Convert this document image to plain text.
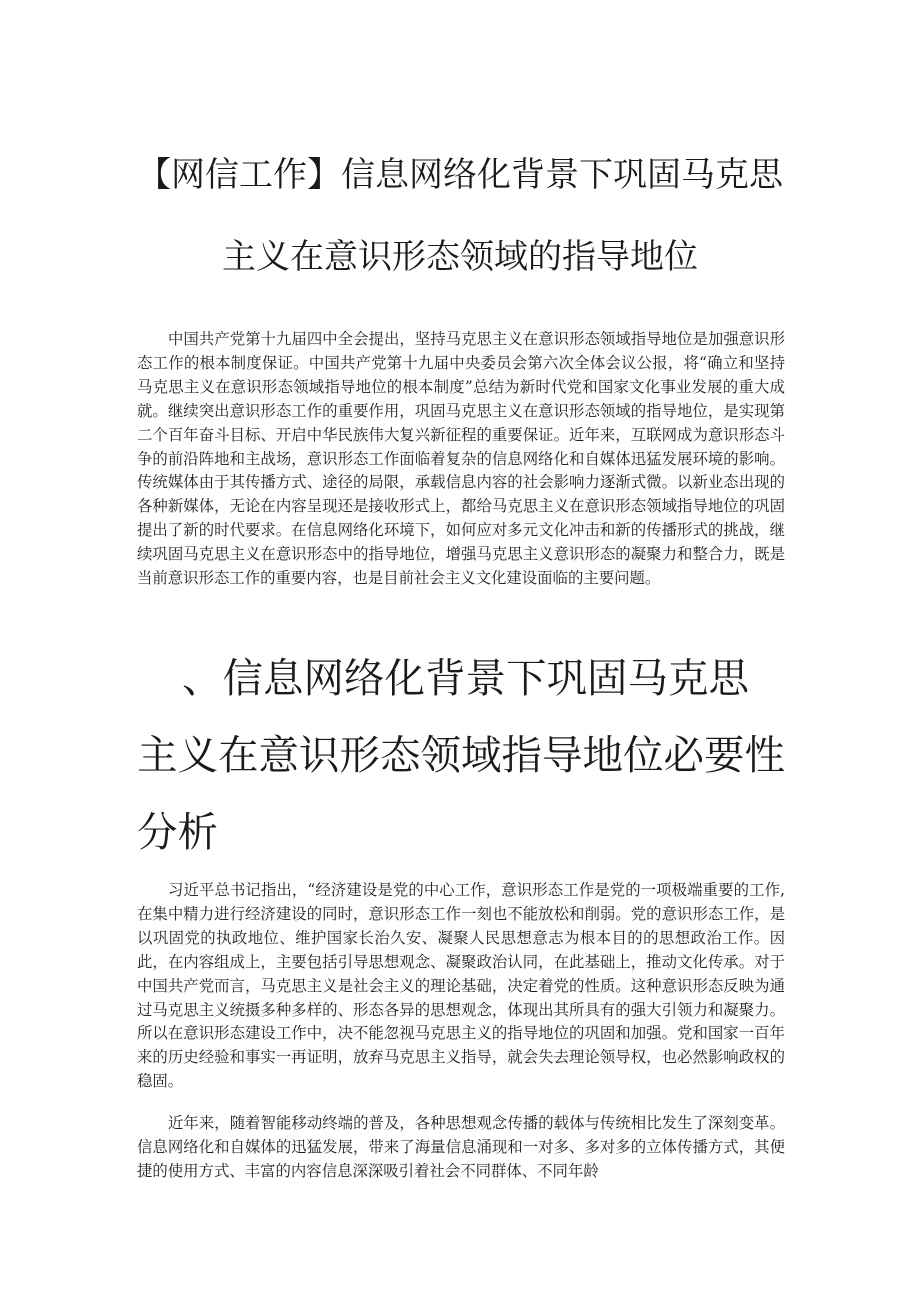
【网信工作】信息网络化背景下巩固马克思主义在意识形态领域的指导地位

中国共产党第十九届四中全会提出，坚持马克思主义在意识形态领域指导地位是加强意识形态工作的根本制度保证。中国共产党第十九届中央委员会第六次全体会议公报，将“确立和坚持马克思主义在意识形态领域指导地位的根本制度”总结为新时代党和国家文化事业发展的重大成就。继续突出意识形态工作的重要作用，巩固马克思主义在意识形态领域的指导地位，是实现第二个百年奋斗目标、开启中华民族伟大复兴新征程的重要保证。近年来，互联网成为意识形态斗争的前沿阵地和主战场，意识形态工作面临着复杂的信息网络化和自媒体迅猛发展环境的影响。传统媒体由于其传播方式、途径的局限，承载信息内容的社会影响力逐渐式微。以新业态出现的各种新媒体，无论在内容呈现还是接收形式上，都给马克思主义在意识形态领域指导地位的巩固提出了新的时代要求。在信息网络化环境下，如何应对多元文化冲击和新的传播形式的挑战，继续巩固马克思主义在意识形态中的指导地位，增强马克思主义意识形态的凝聚力和整合力，既是当前意识形态工作的重要内容，也是目前社会主义文化建设面临的主要问题。

、信息网络化背景下巩固马克思主义在意识形态领域指导地位必要性分析

习近平总书记指出，“经济建设是党的中心工作，意识形态工作是党的一项极端重要的工作,在集中精力进行经济建设的同时，意识形态工作一刻也不能放松和削弱。党的意识形态工作，是以巩固党的执政地位、维护国家长治久安、凝聚人民思想意志为根本目的的思想政治工作。因此，在内容组成上，主要包括引导思想观念、凝聚政治认同，在此基础上，推动文化传承。对于中国共产党而言，马克思主义是社会主义的理论基础，决定着党的性质。这种意识形态反映为通过马克思主义统摄多种多样的、形态各异的思想观念，体现出其所具有的强大引领力和凝聚力。所以在意识形态建设工作中，决不能忽视马克思主义的指导地位的巩固和加强。党和国家一百年来的历史经验和事实一再证明，放弃马克思主义指导，就会失去理论领导权，也必然影响政权的稳固。

近年来，随着智能移动终端的普及，各种思想观念传播的载体与传统相比发生了深刻变革。信息网络化和自媒体的迅猛发展，带来了海量信息涌现和一对多、多对多的立体传播方式，其便捷的使用方式、丰富的内容信息深深吸引着社会不同群体、不同年龄
